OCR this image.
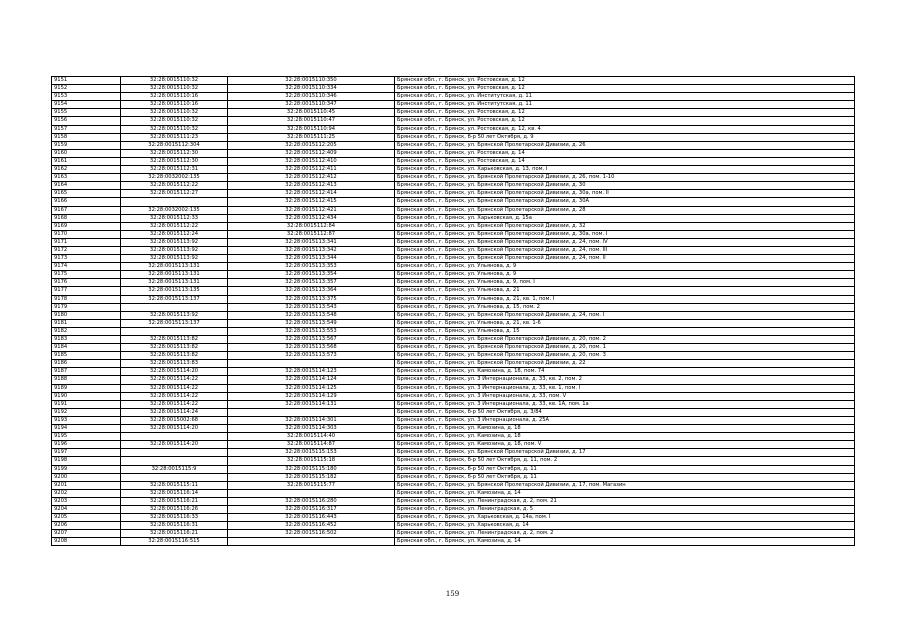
9151	32:28:0015110:32	32:28:0015110:350	Брянская обл., г. Брянск, ул. Ростовская, д. 12
9152	32:28:0015110:32	32:28:0015110:334	Брянская обл., г. Брянск, ул. Ростовская, д. 12
9153	32:28:0015110:16	32:28:0015110:346	Брянская обл., г. Брянск, ул. Институтская, д. 11
9154	32:28:0015110:16	32:28:0015110:347	Брянская обл., г. Брянск, ул. Институтская, д. 11
9155	32:28:0015110:32	32:28:0015110:45	Брянская обл., г. Брянск, ул. Ростовская, д. 12
9156	32:28:0015110:32	32:28:0015110:47	Брянская обл., г. Брянск, ул. Ростовская, д. 12
9157	32:28:0015110:32	32:28:0015110:94	Брянская обл., г. Брянск, ул. Ростовская, д. 12, кв. 4
9158	32:28:0015111:23	32:28:0015111:25	Брянская обл., г. Брянск, б-р 50 лет Октября, д. 9
9159	32:28:0015112:304	32:28:0015112:205	Брянская обл., г. Брянск, ул. Брянской Пролетарской Дивизии, д. 26
9160	32:28:0015112:30	32:28:0015112:409	Брянская обл., г. Брянск, ул. Ростовская, д. 14
9161	32:28:0015112:30	32:28:0015112:410	Брянская обл., г. Брянск, ул. Ростовская, д. 14
9162	32:28:0015112:31	32:28:0015112:411	Брянская обл., г. Брянск, ул. Харьковская, д. 13, пом. I
9163	32:28:0032002:135	32:28:0015112:412	Брянская обл., г. Брянск, ул. Брянской Пролетарской Дивизии, д. 26, пом. 1-10
9164	32:28:0015112:22	32:28:0015112:413	Брянская обл., г. Брянск, ул. Брянской Пролетарской Дивизии, д. 30
9165	32:28:0015112:27	32:28:0015112:414	Брянская обл., г. Брянск, ул. Брянской Пролетарской Дивизии, д. 30а, пом. II
9166		32:28:0015112:415	Брянская обл., г. Брянск, ул. Брянской Пролетарской Дивизии, д. 30А
9167	32:28:0032002:135	32:28:0015112:421	Брянская обл., г. Брянск, ул. Брянской Пролетарской Дивизии, д. 28
9168	32:28:0015112:33	32:28:0015112:434	Брянская обл., г. Брянск, ул. Харьковская, д. 15а
9169	32:28:0015112:22	32:28:0015112:84	Брянская обл., г. Брянск, ул. Брянской Пролетарской Дивизии, д. 32
9170	32:28:0015112:24	32:28:0015112:87	Брянская обл., г. Брянск, ул. Брянской Пролетарской Дивизии, д. 30а, пом. I
9171	32:28:0015113:92	32:28:0015113:341	Брянская обл., г. Брянск, ул. Брянской Пролетарской Дивизии, д. 24, пом. IV
9172	32:28:0015113:92	32:28:0015113:342	Брянская обл., г. Брянск, ул. Брянской Пролетарской Дивизии, д. 24, пом. III
9173	32:28:0015113:92	32:28:0015113:344	Брянская обл., г. Брянск, ул. Брянской Пролетарской Дивизии, д. 24, пом. II
9174	32:28:0015113:131	32:28:0015113:353	Брянская обл., г. Брянск, ул. Ульянова, д. 9
9175	32:28:0015113:131	32:28:0015113:354	Брянская обл., г. Брянск, ул. Ульянова, д. 9
9176	32:28:0015113:131	32:28:0015113:357	Брянская обл., г. Брянск, ул. Ульянова, д. 9, пом. I
9177	32:28:0015113:135	32:28:0015113:364	Брянская обл., г. Брянск, ул. Ульянова, д. 21
9178	32:28:0015113:137	32:28:0015113:375	Брянская обл., г. Брянск, ул. Ульянова, д. 21, кв. 1, пом. I
9179		32:28:0015113:543	Брянская обл., г. Брянск, ул. Ульянова, д. 15, пом. 2
9180	32:28:0015113:92	32:28:0015113:548	Брянская обл., г. Брянск, ул. Брянской Пролетарской Дивизии, д. 24, пом. I
9181	32:28:0015113:137	32:28:0015113:549	Брянская обл., г. Брянск, ул. Ульянова, д. 21, кв. 1-6
9182		32:28:0015113:553	Брянская обл., г. Брянск, ул. Ульянова, д. 15
9183	32:28:0015113:82	32:28:0015113:567	Брянская обл., г. Брянск, ул. Брянской Пролетарской Дивизии, д. 20, пом. 2
9184	32:28:0015113:82	32:28:0015113:568	Брянская обл., г. Брянск, ул. Брянской Пролетарской Дивизии, д. 20, пом. 1
9185	32:28:0015113:82	32:28:0015113:573	Брянская обл., г. Брянск, ул. Брянской Пролетарской Дивизии, д. 20, пом. 3
9186	32:28:0015113:83		Брянская обл., г. Брянск, ул. Брянской Пролетарской Дивизии, д. 22
9187	32:28:0015114:20	32:28:0015114:123	Брянская обл., г. Брянск, ул. Камозина, д. 18, пом. 74
9188	32:28:0015114:22	32:28:0015114:124	Брянская обл., г. Брянск, ул. 3 Интернационала, д. 33, кв. 2, пом. 2
9189	32:28:0015114:22	32:28:0015114:125	Брянская обл., г. Брянск, ул. 3 Интернационала, д. 33, кв. 1, пом. I
9190	32:28:0015114:22	32:28:0015114:129	Брянская обл., г. Брянск, ул. 3 Интернационала, д. 33, пом. V
9191	32:28:0015114:22	32:28:0015114:131	Брянская обл., г. Брянск, ул. 3 Интернационала, д. 33, кв. 1А, пом. 1а
9192	32:28:0015114:24		Брянская обл., г. Брянск, б-р 50 лет Октября, д. 3/84
9193	32:28:0015002:68	32:28:0015114:301	Брянская обл., г. Брянск, ул. 3 Интернационала, д. 25А
9194	32:28:0015114:20	32:28:0015114:303	Брянская обл., г. Брянск, ул. Камозина, д. 18
9195		32:28:0015114:40	Брянская обл., г. Брянск, ул. Камозина, д. 18
9196	32:28:0015114:20	32:28:0015114:87	Брянская обл., г. Брянск, ул. Камозина, д. 18, пом. V
9197		32:28:0015115:153	Брянская обл., г. Брянск, ул. Брянской Пролетарской Дивизии, д. 17
9198		32:28:0015115:18	Брянская обл., г. Брянск, б-р 50 лет Октября, д. 11, пом. 2
9199	32:28:0015115:9	32:28:0015115:180	Брянская обл., г. Брянск, б-р 50 лет Октября, д. 11
9200		32:28:0015115:182	Брянская обл., г. Брянск, б-р 50 лет Октября, д. 11
9201	32:28:0015115:11	32:28:0015115:77	Брянская обл., г. Брянск, ул. Брянской Пролетарской Дивизии, д. 17, пом. Магазин
9202	32:28:0015116:14		Брянская обл., г. Брянск, ул. Камозина, д. 14
9203	32:28:0015116:21	32:28:0015116:280	Брянская обл., г. Брянск, ул. Ленинградская, д. 2, пом. 21
9204	32:28:0015116:26	32:28:0015116:317	Брянская обл., г. Брянск, ул. Ленинградская, д. 5
9205	32:28:0015116:33	32:28:0015116:443	Брянская обл., г. Брянск, ул. Харьковская, д. 14а, пом. I
9206	32:28:0015116:31	32:28:0015116:452	Брянская обл., г. Брянск, ул. Харьковская, д. 14
9207	32:28:0015116:21	32:28:0015116:502	Брянская обл., г. Брянск, ул. Ленинградская, д. 2, пом. 2
9208	32:28:0015116:515		Брянская обл., г. Брянск, ул. Камозина, д. 14
159
